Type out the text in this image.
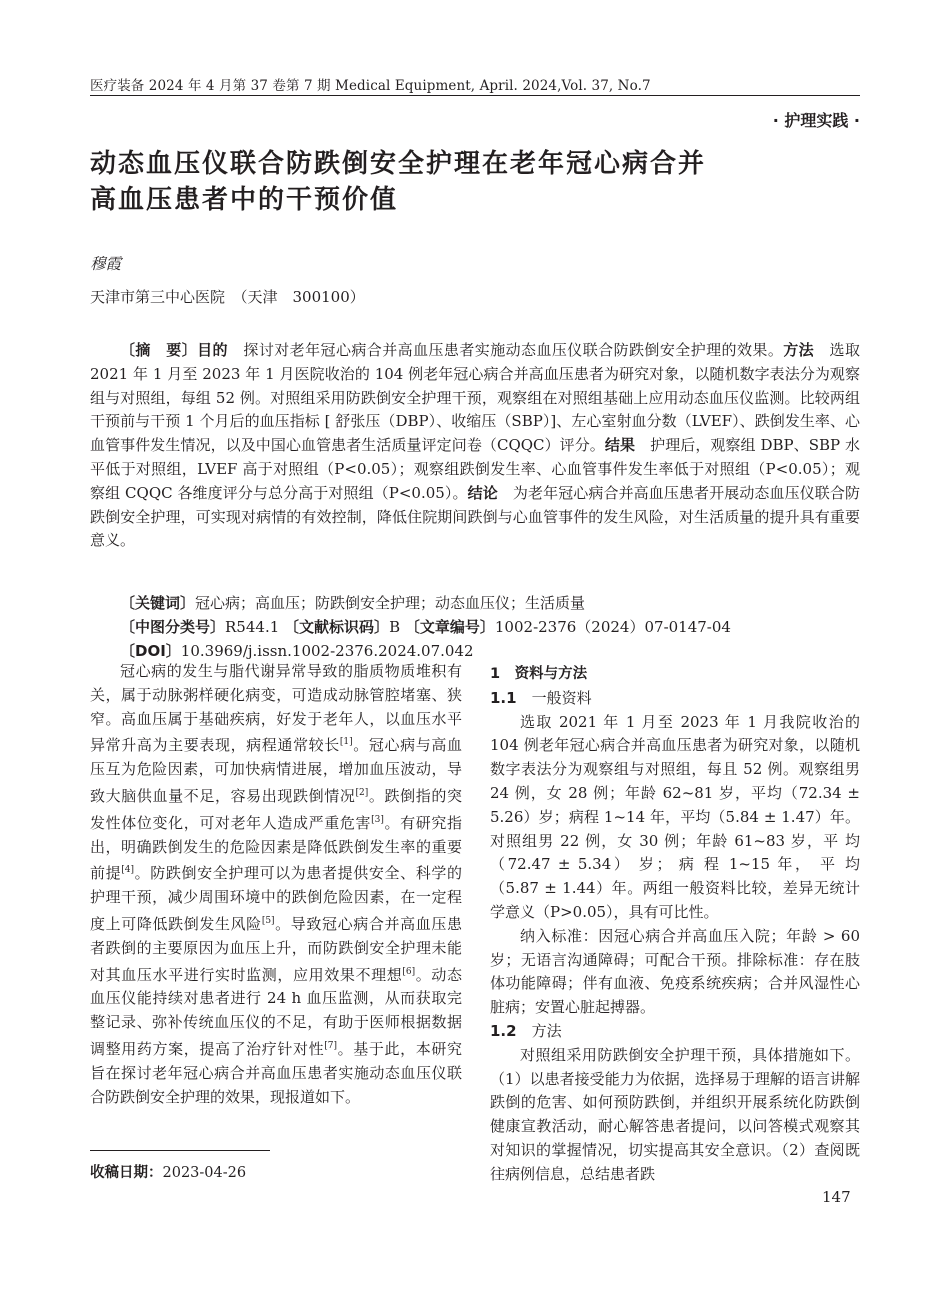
医疗装备 2024 年 4 月第 37 卷第 7 期 Medical Equipment, April. 2024,Vol. 37, No.7
· 护理实践 ·
动态血压仪联合防跌倒安全护理在老年冠心病合并
高血压患者中的干预价值
穆霞
天津市第三中心医院　（天津　300100）
〔摘　要〕目的　探讨对老年冠心病合并高血压患者实施动态血压仪联合防跌倒安全护理的效果。方法　选取 2021 年 1 月至 2023 年 1 月医院收治的 104 例老年冠心病合并高血压患者为研究对象，以随机数字表法分为观察组与对照组，每组 52 例。对照组采用防跌倒安全护理干预，观察组在对照组基础上应用动态血压仪监测。比较两组干预前与干预 1 个月后的血压指标 [ 舒张压（DBP）、收缩压（SBP）]、左心室射血分数（LVEF）、跌倒发生率、心血管事件发生情况，以及中国心血管患者生活质量评定问卷（CQQC）评分。结果　护理后，观察组 DBP、SBP 水平低于对照组，LVEF 高于对照组（P<0.05）；观察组跌倒发生率、心血管事件发生率低于对照组（P<0.05）；观察组 CQQC 各维度评分与总分高于对照组（P<0.05）。结论　为老年冠心病合并高血压患者开展动态血压仪联合防跌倒安全护理，可实现对病情的有效控制，降低住院期间跌倒与心血管事件的发生风险，对生活质量的提升具有重要意义。
〔关键词〕冠心病；高血压；防跌倒安全护理；动态血压仪；生活质量
〔中图分类号〕R544.1 〔文献标识码〕B 〔文章编号〕1002-2376（2024）07-0147-04
〔DOI〕10.3969/j.issn.1002-2376.2024.07.042

冠心病的发生与脂代谢异常导致的脂质物质堆积有关，属于动脉粥样硬化病变，可造成动脉管腔堵塞、狭窄。高血压属于基础疾病，好发于老年人，以血压水平异常升高为主要表现，病程通常较长[1]。冠心病与高血压互为危险因素，可加快病情进展，增加血压波动，导致大脑供血量不足，容易出现跌倒情况[2]。跌倒指的突发性体位变化，可对老年人造成严重危害[3]。有研究指出，明确跌倒发生的危险因素是降低跌倒发生率的重要前提[4]。防跌倒安全护理可以为患者提供安全、科学的护理干预，减少周围环境中的跌倒危险因素，在一定程度上可降低跌倒发生风险[5]。导致冠心病合并高血压患者跌倒的主要原因为血压上升，而防跌倒安全护理未能对其血压水平进行实时监测，应用效果不理想[6]。动态血压仪能持续对患者进行 24 h 血压监测，从而获取完整记录、弥补传统血压仪的不足，有助于医师根据数据调整用药方案，提高了治疗针对性[7]。基于此，本研究旨在探讨老年冠心病合并高血压患者实施动态血压仪联合防跌倒安全护理的效果，现报道如下。

1　资料与方法

1.1　一般资料

选取 2021 年 1 月至 2023 年 1 月我院收治的 104 例老年冠心病合并高血压患者为研究对象，以随机数字表法分为观察组与对照组，每且 52 例。观察组男 24 例，女 28 例；年龄 62~81 岁，平均（72.34 ± 5.26）岁；病程 1~14 年，平均（5.84 ± 1.47）年。对照组男 22 例，女 30 例；年龄 61~83 岁，平 均（72.47 ± 5.34） 岁； 病 程 1~15 年， 平 均（5.87 ± 1.44）年。两组一般资料比较，差异无统计学意义（P>0.05），具有可比性。

纳入标准：因冠心病合并高血压入院；年龄 > 60 岁；无语言沟通障碍；可配合干预。排除标准：存在肢体功能障碍；伴有血液、免疫系统疾病；合并风湿性心脏病；安置心脏起搏器。

1.2　方法

对照组采用防跌倒安全护理干预，具体措施如下。（1）以患者接受能力为依据，选择易于理解的语言讲解跌倒的危害、如何预防跌倒，并组织开展系统化防跌倒健康宣教活动，耐心解答患者提问，以问答模式观察其对知识的掌握情况，切实提高其安全意识。（2）查阅既往病例信息，总结患者跌

收稿日期：2023-04-26
147
